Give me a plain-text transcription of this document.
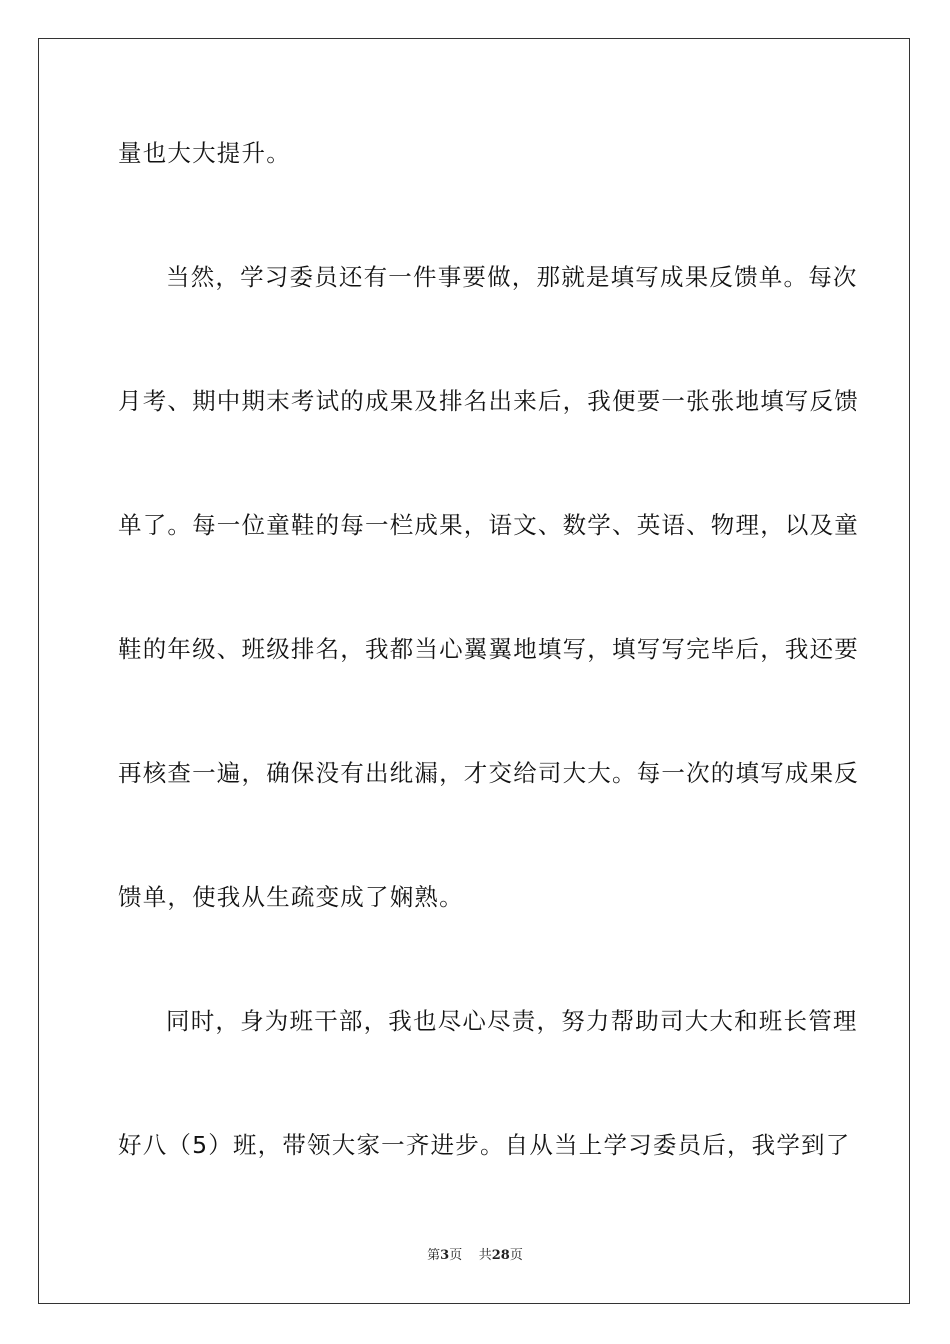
量也大大提升。
当然，学习委员还有一件事要做，那就是填写成果反馈单。每次
月考、期中期末考试的成果及排名出来后，我便要一张张地填写反馈
单了。每一位童鞋的每一栏成果，语文、数学、英语、物理，以及童
鞋的年级、班级排名，我都当心翼翼地填写，填写写完毕后，我还要
再核查一遍，确保没有出纰漏，才交给司大大。每一次的填写成果反
馈单，使我从生疏变成了娴熟。
同时，身为班干部，我也尽心尽责，努力帮助司大大和班长管理
好八（5）班，带领大家一齐进步。自从当上学习委员后，我学到了
第3页 共28页
